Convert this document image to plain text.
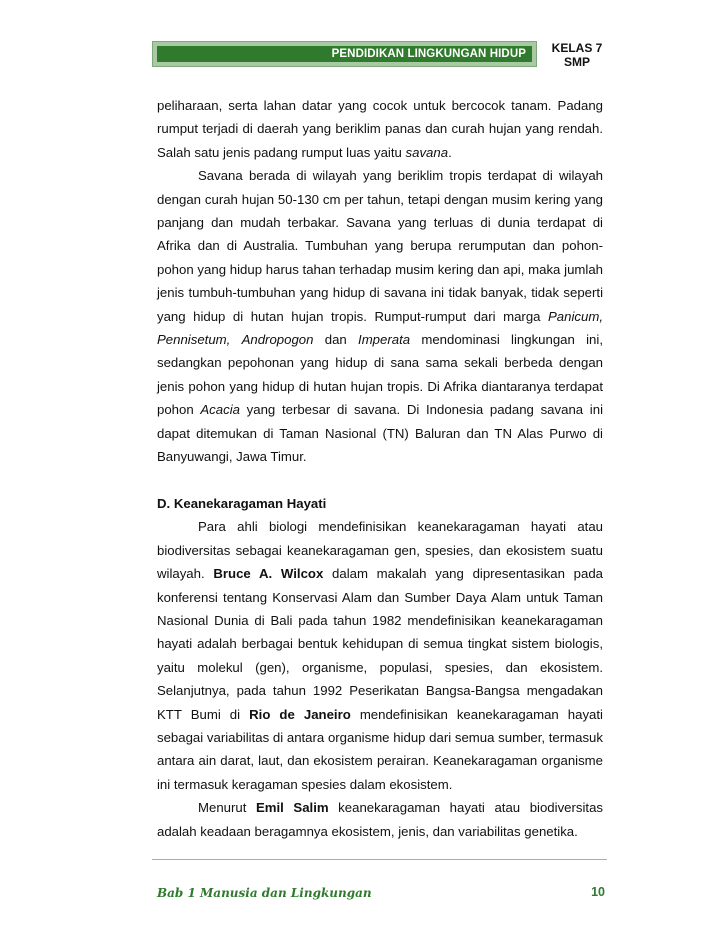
PENDIDIKAN LINGKUNGAN HIDUP	KELAS 7
SMP

peliharaan, serta lahan datar yang cocok untuk bercocok tanam. Padang rumput terjadi di daerah yang beriklim panas dan curah hujan yang rendah. Salah satu jenis padang rumput luas yaitu savana.

Savana berada di wilayah yang beriklim tropis terdapat di wilayah dengan curah hujan 50-130 cm per tahun, tetapi dengan musim kering yang panjang dan mudah terbakar. Savana yang terluas di dunia terdapat di Afrika dan di Australia. Tumbuhan yang berupa rerumputan dan pohon-pohon yang hidup harus tahan terhadap musim kering dan api, maka jumlah jenis tumbuh-tumbuhan yang hidup di savana ini tidak banyak, tidak seperti yang hidup di hutan hujan tropis. Rumput-rumput dari marga Panicum, Pennisetum, Andropogon dan Imperata mendominasi lingkungan ini, sedangkan pepohonan yang hidup di sana sama sekali berbeda dengan jenis pohon yang hidup di hutan hujan tropis. Di Afrika diantaranya terdapat pohon Acacia yang terbesar di savana. Di Indonesia padang savana ini dapat ditemukan di Taman Nasional (TN) Baluran dan TN Alas Purwo di Banyuwangi, Jawa Timur.

D. Keanekaragaman Hayati

Para ahli biologi mendefinisikan keanekaragaman hayati atau biodiversitas sebagai keanekaragaman gen, spesies, dan ekosistem suatu wilayah. Bruce A. Wilcox dalam makalah yang dipresentasikan pada konferensi tentang Konservasi Alam dan Sumber Daya Alam untuk Taman Nasional Dunia di Bali pada tahun 1982 mendefinisikan keanekaragaman hayati adalah berbagai bentuk kehidupan di semua tingkat sistem biologis, yaitu molekul (gen), organisme, populasi, spesies, dan ekosistem. Selanjutnya, pada tahun 1992 Peserikatan Bangsa-Bangsa mengadakan KTT Bumi di Rio de Janeiro mendefinisikan keanekaragaman hayati sebagai variabilitas di antara organisme hidup dari semua sumber, termasuk antara ain darat, laut, dan ekosistem perairan. Keanekaragaman organisme ini termasuk keragaman spesies dalam ekosistem.

Menurut Emil Salim keanekaragaman hayati atau biodiversitas adalah keadaan beragamnya ekosistem, jenis, dan variabilitas genetika.

Bab 1 Manusia dan Lingkungan	10
